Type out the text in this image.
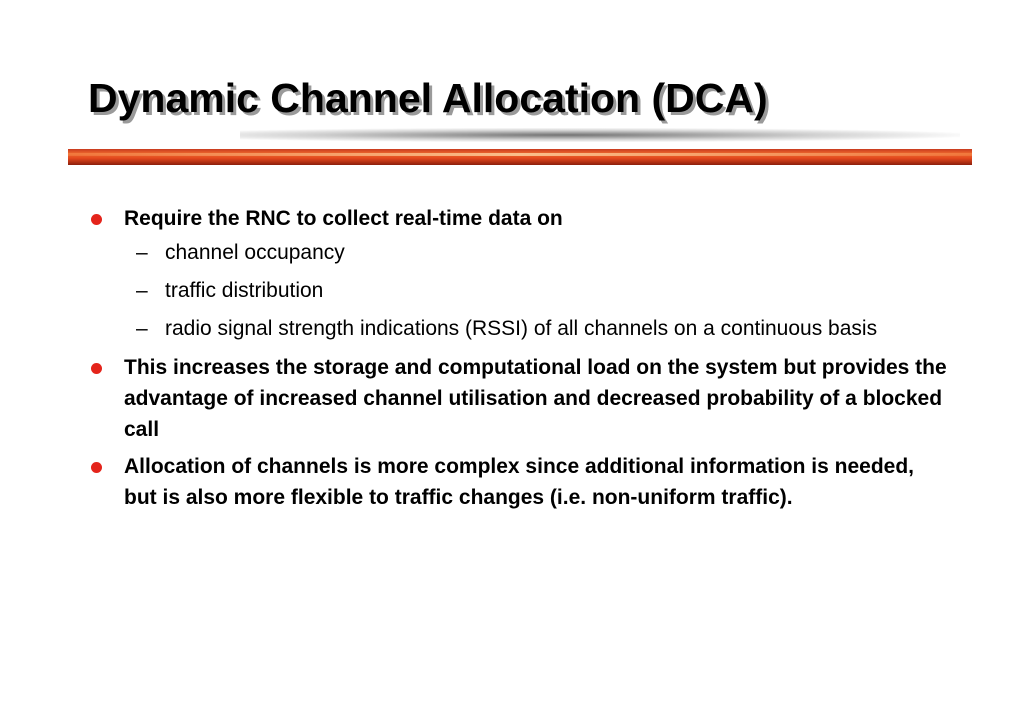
Dynamic Channel Allocation (DCA)
Require the RNC to collect real-time data on
– channel occupancy
– traffic distribution
– radio signal strength indications (RSSI) of all channels on a continuous basis
This increases the storage and computational load on the system but provides the advantage of increased channel utilisation and decreased probability of a blocked call
Allocation of channels is more complex since additional information is needed, but is also more flexible to traffic changes (i.e. non-uniform traffic).
